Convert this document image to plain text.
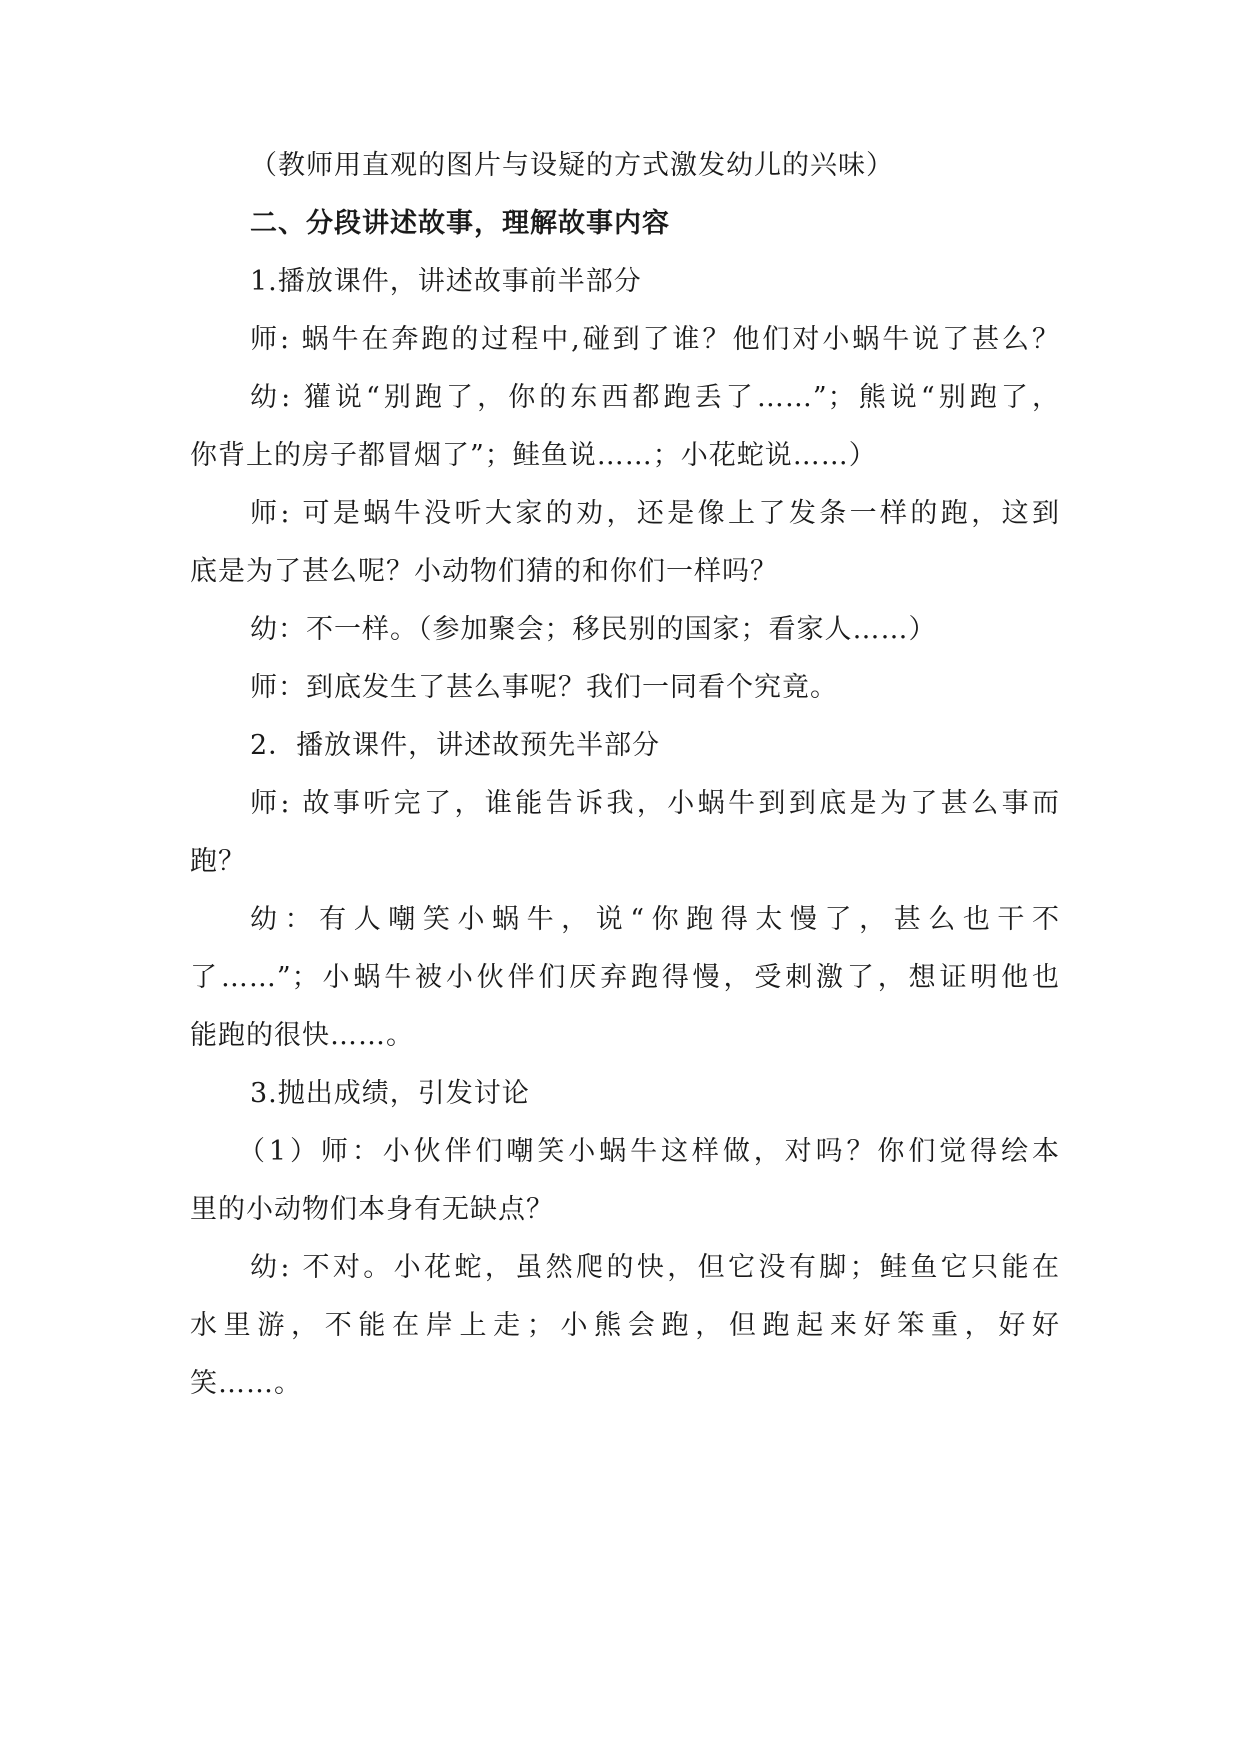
（教师用直观的图片与设疑的方式激发幼儿的兴味）
二、分段讲述故事，理解故事内容
1.播放课件，讲述故事前半部分
师: 蜗牛在奔跑的过程中,碰到了谁？他们对小蜗牛说了甚么？
幼: 獾说“别跑了，你的东西都跑丢了……”；熊说“别跑了，
你背上的房子都冒烟了”；鲑鱼说……；小花蛇说……）
师: 可是蜗牛没听大家的劝，还是像上了发条一样的跑，这到
底是为了甚么呢？小动物们猜的和你们一样吗？
幼：不一样。（参加聚会；移民别的国家；看家人……）
师：到底发生了甚么事呢？我们一同看个究竟。
2．播放课件，讲述故预先半部分
师: 故事听完了，谁能告诉我，小蜗牛到到底是为了甚么事而
跑？
幼：有人嘲笑小蜗牛，说“你跑得太慢了，甚么也干不
了……”；小蜗牛被小伙伴们厌弃跑得慢，受刺激了，想证明他也
能跑的很快……。
3.抛出成绩，引发讨论
（1）师：小伙伴们嘲笑小蜗牛这样做，对吗？你们觉得绘本
里的小动物们本身有无缺点？
幼: 不对。小花蛇，虽然爬的快，但它没有脚；鲑鱼它只能在
水里游，不能在岸上走；小熊会跑，但跑起来好笨重，好好
笑……。
